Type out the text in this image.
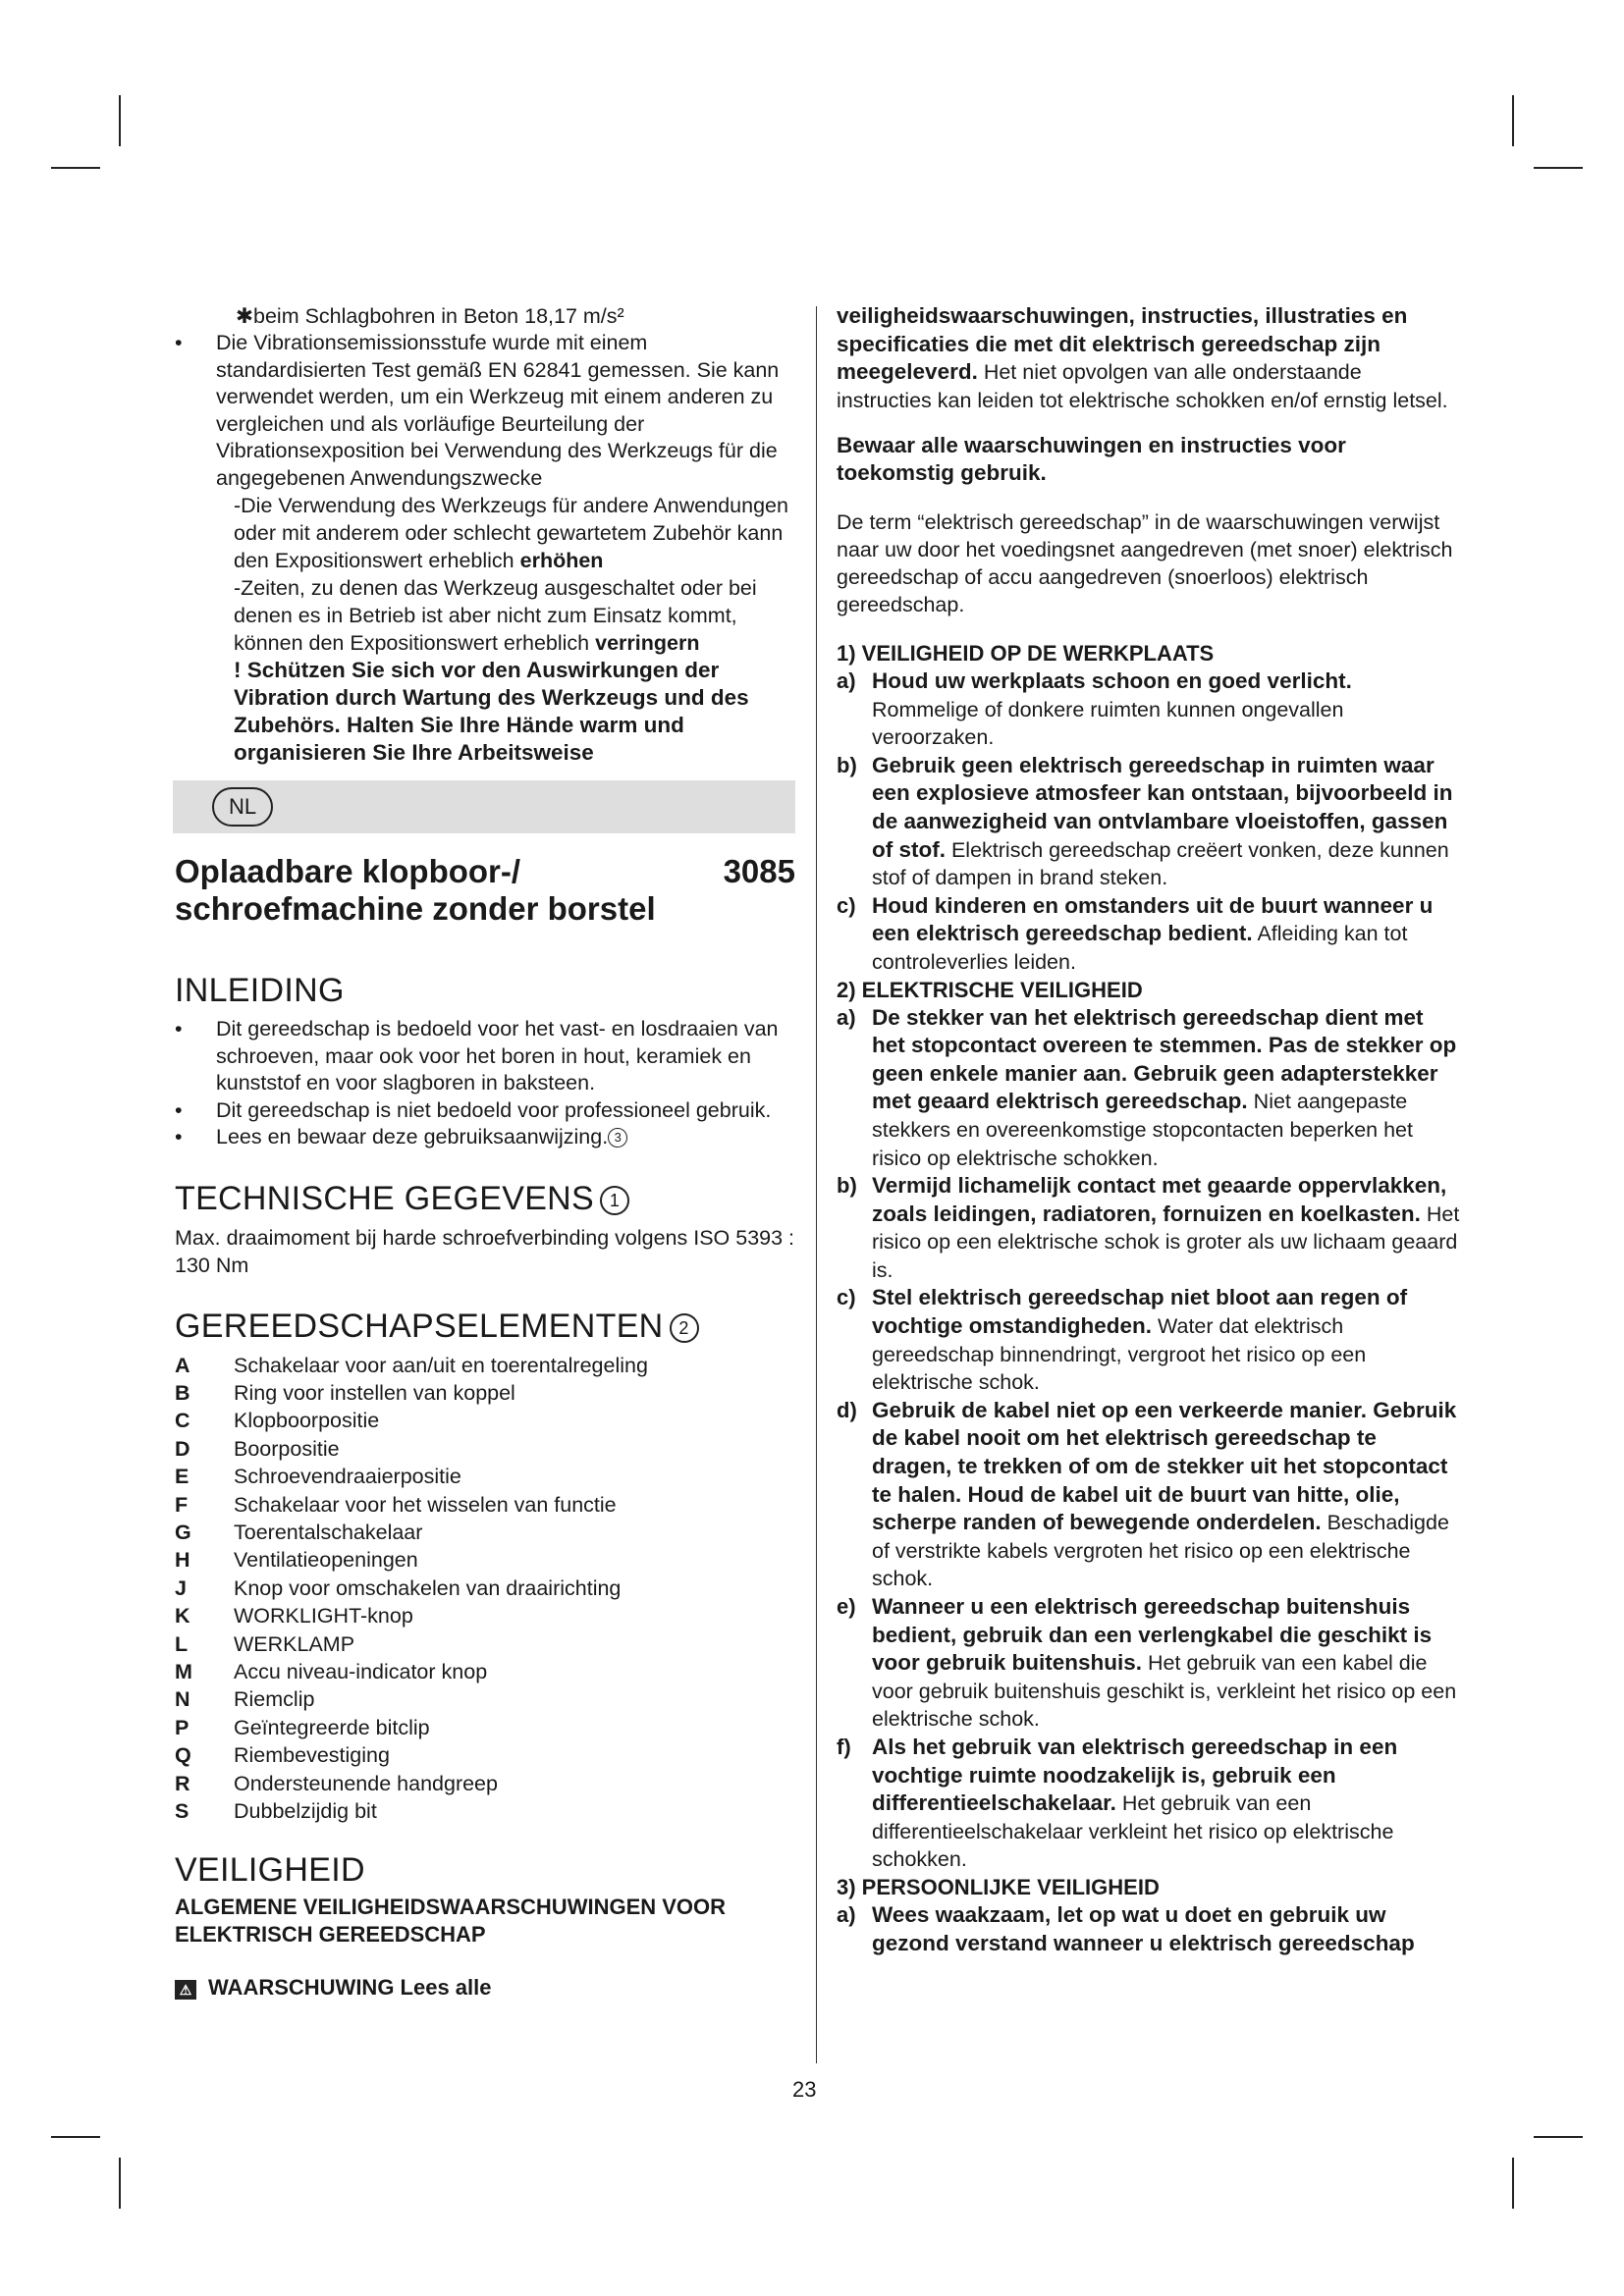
✱beim Schlagbohren in Beton 18,17 m/s²

• Die Vibrationsemissionsstufe wurde mit einem standardisierten Test gemäß EN 62841 gemessen. Sie kann verwendet werden, um ein Werkzeug mit einem anderen zu vergleichen und als vorläufige Beurteilung der Vibrationsexposition bei Verwendung des Werkzeugs für die angegebenen Anwendungszwecke

-Die Verwendung des Werkzeugs für andere Anwendungen oder mit anderem oder schlecht gewartetem Zubehör kann den Expositionswert erheblich erhöhen

-Zeiten, zu denen das Werkzeug ausgeschaltet oder bei denen es in Betrieb ist aber nicht zum Einsatz kommt, können den Expositionswert erheblich verringern

! Schützen Sie sich vor den Auswirkungen der Vibration durch Wartung des Werkzeugs und des Zubehörs. Halten Sie Ihre Hände warm und organisieren Sie Ihre Arbeitsweise

NL
Oplaadbare klopboor-/
schroefmachine zonder borstel
3085
INLEIDING
• Dit gereedschap is bedoeld voor het vast- en losdraaien van schroeven, maar ook voor het boren in hout, keramiek en kunststof en voor slagboren in baksteen.
• Dit gereedschap is niet bedoeld voor professioneel gebruik.
• Lees en bewaar deze gebruiksaanwijzing. 3
TECHNISCHE GEGEVENS 1

Max. draaimoment bij harde schroefverbinding volgens ISO 5393 : 130 Nm

GEREEDSCHAPSELEMENTEN 2
A Schakelaar voor aan/uit en toerentalregeling
B Ring voor instellen van koppel
C Klopboorpositie
D Boorpositie
E Schroevendraaierpositie
F Schakelaar voor het wisselen van functie
G Toerentalschakelaar
H Ventilatieopeningen
J Knop voor omschakelen van draairichting
K WORKLIGHT-knop
L WERKLAMP
M Accu niveau-indicator knop
N Riemclip
P Geïntegreerde bitclip
Q Riembevestiging
R Ondersteunende handgreep
S Dubbelzijdig bit
VEILIGHEID

ALGEMENE VEILIGHEIDSWAARSCHUWINGEN VOOR ELEKTRISCH GEREEDSCHAP

⚠ WAARSCHUWING Lees alle

veiligheidswaarschuwingen, instructies, illustraties en specificaties die met dit elektrisch gereedschap zijn meegeleverd. Het niet opvolgen van alle onderstaande instructies kan leiden tot elektrische schokken en/of ernstig letsel.

Bewaar alle waarschuwingen en instructies voor toekomstig gebruik.

De term “elektrisch gereedschap” in de waarschuwingen verwijst naar uw door het voedingsnet aangedreven (met snoer) elektrisch gereedschap of accu aangedreven (snoerloos) elektrisch gereedschap.

1) VEILIGHEID OP DE WERKPLAATS

a) Houd uw werkplaats schoon en goed verlicht. Rommelige of donkere ruimten kunnen ongevallen veroorzaken.
b) Gebruik geen elektrisch gereedschap in ruimten waar een explosieve atmosfeer kan ontstaan, bijvoorbeeld in de aanwezigheid van ontvlambare vloeistoffen, gassen of stof. Elektrisch gereedschap creëert vonken, deze kunnen stof of dampen in brand steken.
c) Houd kinderen en omstanders uit de buurt wanneer u een elektrisch gereedschap bedient. Afleiding kan tot controleverlies leiden.

2) ELEKTRISCHE VEILIGHEID

a) De stekker van het elektrisch gereedschap dient met het stopcontact overeen te stemmen. Pas de stekker op geen enkele manier aan. Gebruik geen adapterstekker met geaard elektrisch gereedschap. Niet aangepaste stekkers en overeenkomstige stopcontacten beperken het risico op elektrische schokken.
b) Vermijd lichamelijk contact met geaarde oppervlakken, zoals leidingen, radiatoren, fornuizen en koelkasten. Het risico op een elektrische schok is groter als uw lichaam geaard is.
c) Stel elektrisch gereedschap niet bloot aan regen of vochtige omstandigheden. Water dat elektrisch gereedschap binnendringt, vergroot het risico op een elektrische schok.
d) Gebruik de kabel niet op een verkeerde manier. Gebruik de kabel nooit om het elektrisch gereedschap te dragen, te trekken of om de stekker uit het stopcontact te halen. Houd de kabel uit de buurt van hitte, olie, scherpe randen of bewegende onderdelen. Beschadigde of verstrikte kabels vergroten het risico op een elektrische schok.
e) Wanneer u een elektrisch gereedschap buitenshuis bedient, gebruik dan een verlengkabel die geschikt is voor gebruik buitenshuis. Het gebruik van een kabel die voor gebruik buitenshuis geschikt is, verkleint het risico op een elektrische schok.
f) Als het gebruik van elektrisch gereedschap in een vochtige ruimte noodzakelijk is, gebruik een differentieelschakelaar. Het gebruik van een differentieelschakelaar verkleint het risico op elektrische schokken.

3) PERSOONLIJKE VEILIGHEID

a) Wees waakzaam, let op wat u doet en gebruik uw gezond verstand wanneer u elektrisch gereedschap
23
